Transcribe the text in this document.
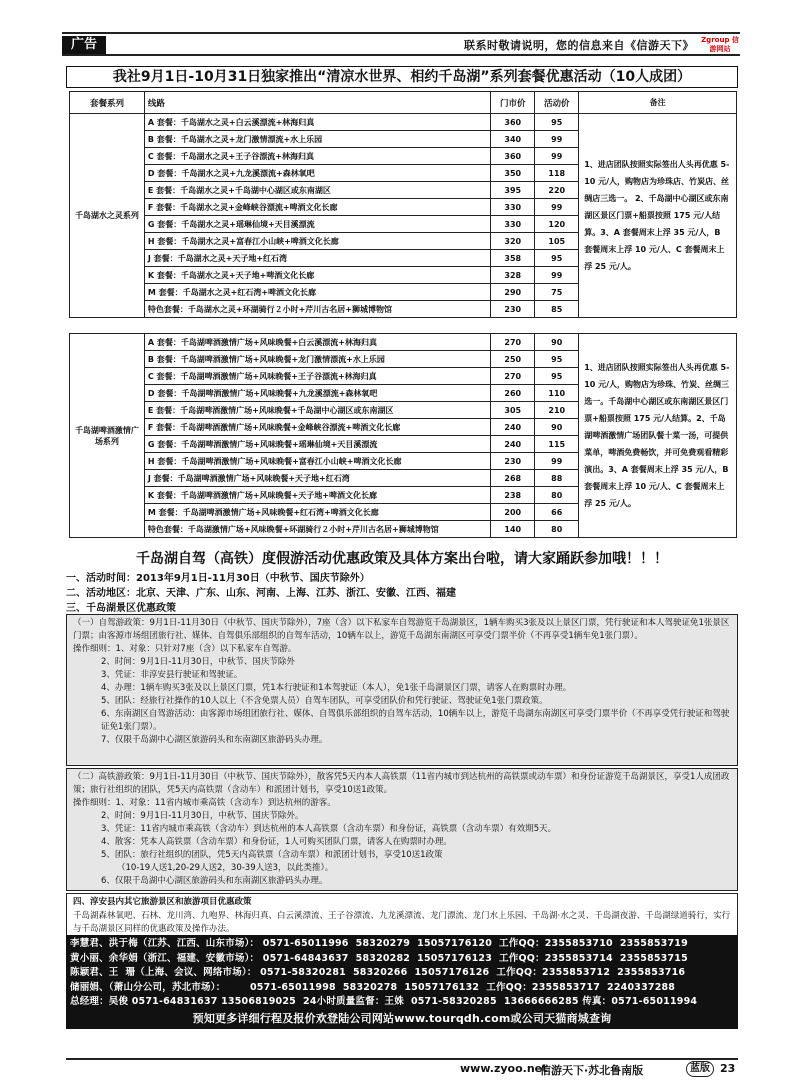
广告	联系时敬请说明，您的信息来自《信游天下》 Zgroup 信游网站
我社9月1日-10月31日独家推出“清凉水世界、相约千岛湖”系列套餐优惠活动（10人成团）
套餐系列	线路	门市价	活动价	备注
千岛湖水之灵系列	A 套餐：千岛湖水之灵+白云溪漂流+林海归真	360	95	1、进店团队按照实际签出人头再优惠 5-10 元/人，购物店为珍珠店、竹炭店、丝绸店三选一。 2、千岛湖中心湖区或东南湖区景区门票+船票按照 175 元/人结算。3、A 套餐周末上浮 35 元/人，B 套餐周末上浮 10 元/人、C 套餐周末上浮 25 元/人。
	B 套餐：千岛湖水之灵+龙门激情漂流+水上乐园	340	99	
	C 套餐：千岛湖水之灵+王子谷漂流+林海归真	360	99	
	D 套餐：千岛湖水之灵+九龙溪漂流+森林氧吧	350	118	
	E 套餐：千岛湖水之灵+千岛湖中心湖区或东南湖区	395	220	
	F 套餐：千岛湖水之灵+金峰峡谷漂流+啤酒文化长廊	330	99	
	G 套餐：千岛湖水之灵+瑶琳仙境+天目溪漂流	330	120	
	H 套餐：千岛湖水之灵+富春江小山峡+啤酒文化长廊	320	105	
	J 套餐：千岛湖水之灵+天子地+红石湾	358	95	
	K 套餐：千岛湖水之灵+天子地+啤酒文化长廊	328	99	
	M 套餐：千岛湖水之灵+红石湾+啤酒文化长廊	290	75	
	特色套餐：千岛湖水之灵+环湖骑行２小时+芹川古名居+狮城博物馆	230	85	
千岛湖啤酒激情广场系列	A 套餐：千岛湖啤酒激情广场+风味晚餐+白云溪漂流+林海归真	270	90	1、进店团队按照实际签出人头再优惠 5-10 元/人，购物店为珍珠、竹炭、丝绸三选一。千岛湖中心湖区或东南湖区景区门票+船票按照 175 元/人结算。2、千岛湖啤酒激情广场团队餐十菜一汤，可提供菜单，啤酒免费畅饮，并可免费观看精彩演出。3、A 套餐周末上浮 35 元/人，B 套餐周末上浮 10 元/人、C 套餐周末上浮 25 元/人。
	B 套餐：千岛湖啤酒激情广场+风味晚餐+龙门激情漂流+水上乐园	250	95	
	C 套餐：千岛湖啤酒激情广场+风味晚餐+王子谷漂流+林海归真	270	95	
	D 套餐：千岛湖啤酒激情广场+风味晚餐+九龙溪漂流+森林氧吧	260	110	
	E 套餐：千岛湖啤酒激情广场+风味晚餐+千岛湖中心湖区或东南湖区	305	210	
	F 套餐：千岛湖啤酒激情广场+风味晚餐+金峰峡谷漂流+啤酒文化长廊	240	90	
	G 套餐：千岛湖啤酒激情广场+风味晚餐+瑶琳仙境+天目溪漂流	240	115	
	H 套餐：千岛湖啤酒激情广场+风味晚餐+富春江小山峡+啤酒文化长廊	230	99	
	J 套餐：千岛湖啤酒激情广场+风味晚餐+天子地+红石湾	268	88	
	K 套餐：千岛湖啤酒激情广场+风味晚餐+天子地+啤酒文化长廊	238	80	
	M 套餐：千岛湖啤酒激情广场+风味晚餐+红石湾+啤酒文化长廊	200	66	
	特色套餐：千岛湖激情广场+风味晚餐+环湖骑行２小时+芹川古名居+狮城博物馆	140	80	
千岛湖自驾（高铁）度假游活动优惠政策及具体方案出台啦，请大家踊跃参加哦！！！
一、活动时间：2013年9月1日-11月30日（中秋节、国庆节除外）
二、活动地区：北京、天津、广东、山东、河南、上海、江苏、浙江、安徽、江西、福建
三、千岛湖景区优惠政策

（一）自驾游政策：9月1日-11月30日（中秋节、国庆节除外），7座（含）以下私家车自驾游览千岛湖景区，1辆车购买3张及以上景区门票，凭行驶证和本人驾驶证免1张景区门票；由客源市场组团旅行社、媒体、自驾俱乐部组织的自驾车活动，10辆车以上，游览千岛湖东南湖区可享受门票半价（不再享受1辆车免1张门票）。

操作细则：1、对象：只针对7座（含）以下私家车自驾游。

2、时间：9月1日-11月30日，中秋节、国庆节除外

3、凭证：非淳安县行驶证和驾驶证。

4、办理：1辆车购买3张及以上景区门票，凭1本行驶证和1本驾驶证（本人），免1张千岛湖景区门票，请客人在购票时办理。

5、团队：经旅行社操作的10人以上（不含免票人员）自驾车团队，可享受团队价和凭行驶证、驾驶证免1张门票政策。

6、东南湖区自驾游活动：由客源市场组团旅行社、媒体、自驾俱乐部组织的自驾车活动，10辆车以上，游览千岛湖东南湖区可享受门票半价（不再享受凭行驶证和驾驶证免1张门票）。

7、仅限千岛湖中心湖区旅游码头和东南湖区旅游码头办理。

（二）高铁游政策：9月1日-11月30日（中秋节、国庆节除外），散客凭5天内本人高铁票（11省内城市到达杭州的高铁票或动车票）和身份证游览千岛湖景区，享受1人成团政策；旅行社组织的团队，凭5天内高铁票（含动车）和派团计划书，享受10送1政策。

操作细则：1、对象：11省内城市乘高铁（含动车）到达杭州的游客。

2、时间：9月1日-11月30日，中秋节、国庆节除外。

3、凭证：11省内城市乘高铁（含动车）到达杭州的本人高铁票（含动车票）和身份证，高铁票（含动车票）有效期5天。

4、散客：凭本人高铁票（含动车票）和身份证，1人可购买团队门票，请客人在购票时办理。

5、团队：旅行社组织的团队，凭5天内高铁票（含动车票）和派团计划书，享受10送1政策

（10-19人送1,20-29人送2，30-39人送3，以此类推）。

6、仅限千岛湖中心湖区旅游码头和东南湖区旅游码头办理。

四、淳安县内其它旅游景区和旅游项目优惠政策

千岛湖森林氧吧、石林、龙川湾、九咆界、林海归真、白云溪漂流、王子谷漂流、九龙溪漂流、龙门漂流、龙门水上乐园、千岛湖·水之灵、千岛湖夜游、千岛湖绿道骑行，实行与千岛湖景区同样的优惠政策及操作办法。

李慧君、洪于梅（江苏、江西、山东市场）： 0571-65011996  58320279  15057176120  工作QQ：2355853710  2355853719
黄小丽、余华娟（浙江、福建、安徽市场）： 0571-64843637  58320282  15057176123  工作QQ：2355853714  2355853715
陈颖君、王  珊（上海、会议、网络市场）： 0571-58320281  58320266  15057176126  工作QQ：2355853712  2355853716
储丽娟、（萧山分公司，苏北市场）：       0571-65011998  58320278  15057176132  工作QQ：2355853717  2240337288
总经理：吴俊 0571-64831637 13506819025  24小时质量监督：王姝  0571-58320285  13666666285 传真：0571-65011994
预知更多详细行程及报价欢登陆公司网站www.tourqdh.com或公司天猫商城查询
www.zyoo.net
信游天下·苏北鲁南版	蓝版 23
